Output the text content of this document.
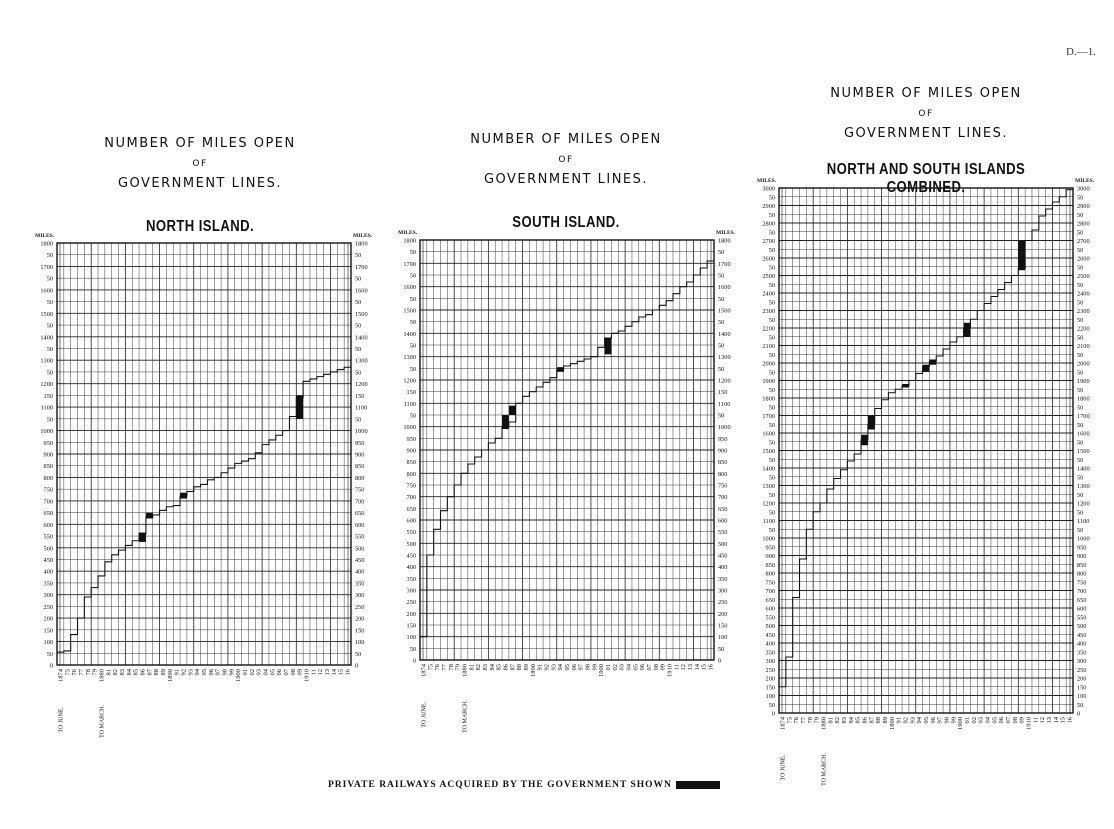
D.—1.
NUMBER OF MILES OPEN
OF
GOVERNMENT LINES.
NORTH ISLAND.
NUMBER OF MILES OPEN
OF
GOVERNMENT LINES.
SOUTH ISLAND.
NUMBER OF MILES OPEN
OF
GOVERNMENT LINES.
NORTH AND SOUTH ISLANDS COMBINED.
0	0
50	50
100	100
150	150
200	200
250	250
300	300
350	350
400	400
450	450
500	500
550	550
600	600
650	650
700	700
750	750
800	800
850	850
900	900
950	950
1000	1000
50	50
1100	1100
150	150
1200	1200
50	50
1300	1300
50	50
1400	1400
50	50
1500	1500
50	50
1600	1600
50	50
1700	1700
50	50
1800	1800
MILES.	MILES.
1874 75 76 77 78 79 1880 81 82 83 84 85 86 87 88 89 1890 91 92 93 94 95 96 97 98 99 1900 01 02 03 04 05 06 07 08 09 1910 11 12 13 14 15 16
TO JUNE.	TO MARCH.
0	0
50	50
100	100
150	150
200	200
250	250
300	300
350	350
400	400
450	450
500	500
550	550
600	600
650	650
700	700
750	750
800	800
850	850
900	900
950	950
1000	1000
50	50
1100	1100
150	150
1200	1200
50	50
1300	1300
50	50
1400	1400
50	50
1500	1500
50	50
1600	1600
50	50
1700	1700
50	50
1800	1800
MILES.	MILES.
1874 75 76 77 78 79 1880 81 82 83 84 85 86 87 88 89 1890 91 92 93 94 95 96 97 98 99 1900 01 02 03 04 05 06 07 08 09 1910 11 12 13 14 15 16
TO JUNE.	TO MARCH.	0	0
50	50
100	100
150	150
200	200
250	250
300	300
350	350
400	400
450	450
500	500
550	550
600	600
650	650
700	700
750	750
800	800
850	850
900	900
950	950
1000	1000
50	50
1100	1100
50	50
1200	1200
50	50
1300	1300
50	50
1400	1400
50	50
1500	1500
50	50
1600	1600
50	50
1700	1700
50	50
1800	1800
50	50
1900	1900
50	50
2000	2000
50	50
2100	2100
50	50
2200	2200
50	50
2300	2300
50	50
2400	2400
50	50
2500	2500
50	50
2600	2600
50	50
2700	2700
50	50
2800	2800
50	50
2900	2900
50	50
3000	3000
MILES.	MILES.
1874 75 76 77 78 79 1880 81 82 83 84 85 86 87 88 89 1890 91 92 93 94 95 96 97 98 99 1900 01 02 03 04 05 06 07 08 09 1910 11 12 13 14 15 16
TO JUNE.	TO MARCH.
PRIVATE RAILWAYS ACQUIRED BY THE GOVERNMENT SHOWN
